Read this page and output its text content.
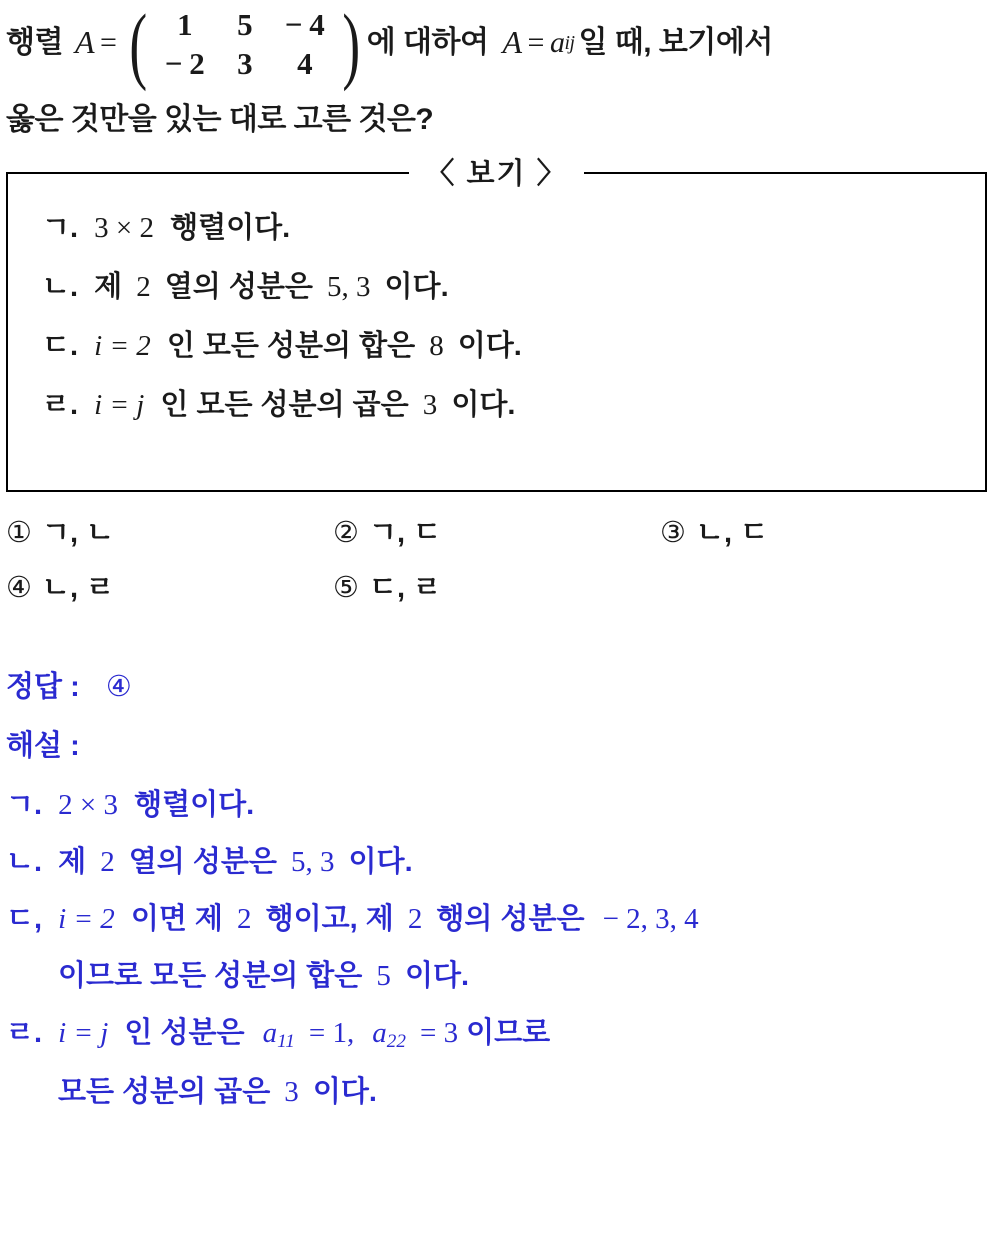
행렬 A = ( 1	5	− 4
− 2	3	4 ) 에 대하여 A = a ij 일 때, 보기에서
옳은 것만을 있는 대로 고른 것은?
ㄱ. 3 × 2 행렬이다.
ㄴ. 제 2 열의 성분은 5, 3 이다.
ㄷ. i = 2 인 모든 성분의 합은 8 이다.
ㄹ. i = j 인 모든 성분의 곱은 3 이다.
〈 보기 〉
① ㄱ, ㄴ	② ㄱ, ㄷ	③ ㄴ, ㄷ
④ ㄴ, ㄹ	⑤ ㄷ, ㄹ
정답 : ④
해설 :
ㄱ. 2 × 3 행렬이다.
ㄴ. 제 2 열의 성분은 5, 3 이다.
ㄷ, i = 2 이면 제 2 행이고, 제 2 행의 성분은 − 2, 3, 4
이므로 모든 성분의 합은 5 이다.
ㄹ. i = j 인 성분은 $a_{11} = 1$, $a_{22} = 3$ 이므로
모든 성분의 곱은 3 이다.
